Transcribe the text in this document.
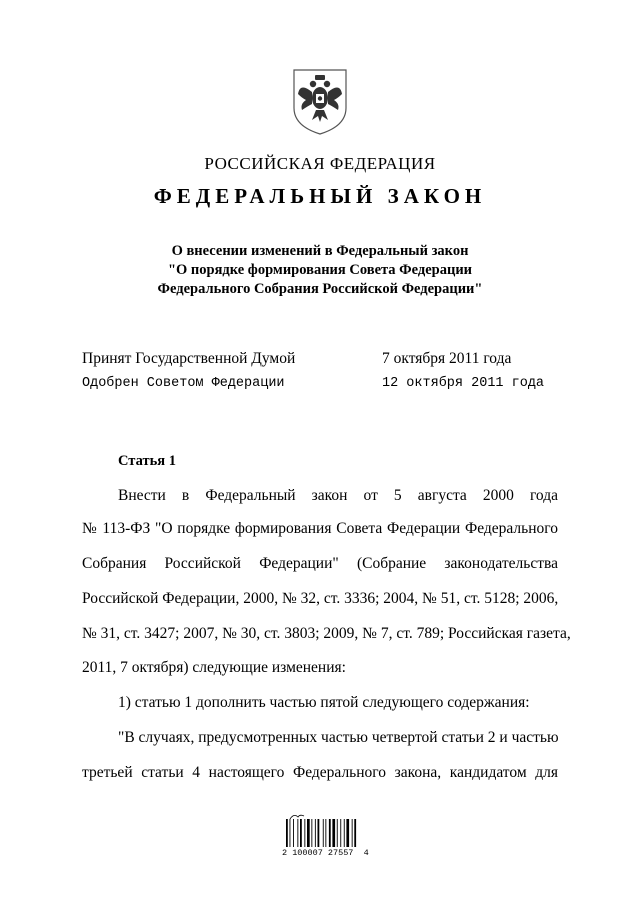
РОССИЙСКАЯ ФЕДЕРАЦИЯ
ФЕДЕРАЛЬНЫЙ ЗАКОН
О внесении изменений в Федеральный закон
"О порядке формирования Совета Федерации
Федерального Собрания Российской Федерации"
Принят Государственной Думой	7 октября 2011 года
Одобрен Советом Федерации	12 октября 2011 года
Статья 1
Внести в Федеральный закон от 5 августа 2000 года
№ 113-ФЗ "О порядке формирования Совета Федерации Федерального
Собрания Российской Федерации" (Собрание законодательства
Российской Федерации, 2000, № 32, ст. 3336; 2004, № 51, ст. 5128; 2006,
№ 31, ст. 3427; 2007, № 30, ст. 3803; 2009, № 7, ст. 789; Российская газета,
2011, 7 октября) следующие изменения:
1) статью 1 дополнить частью пятой следующего содержания:
"В случаях, предусмотренных частью четвертой статьи 2 и частью
третьей статьи 4 настоящего Федерального закона, кандидатом для
2 100007 27557  4
